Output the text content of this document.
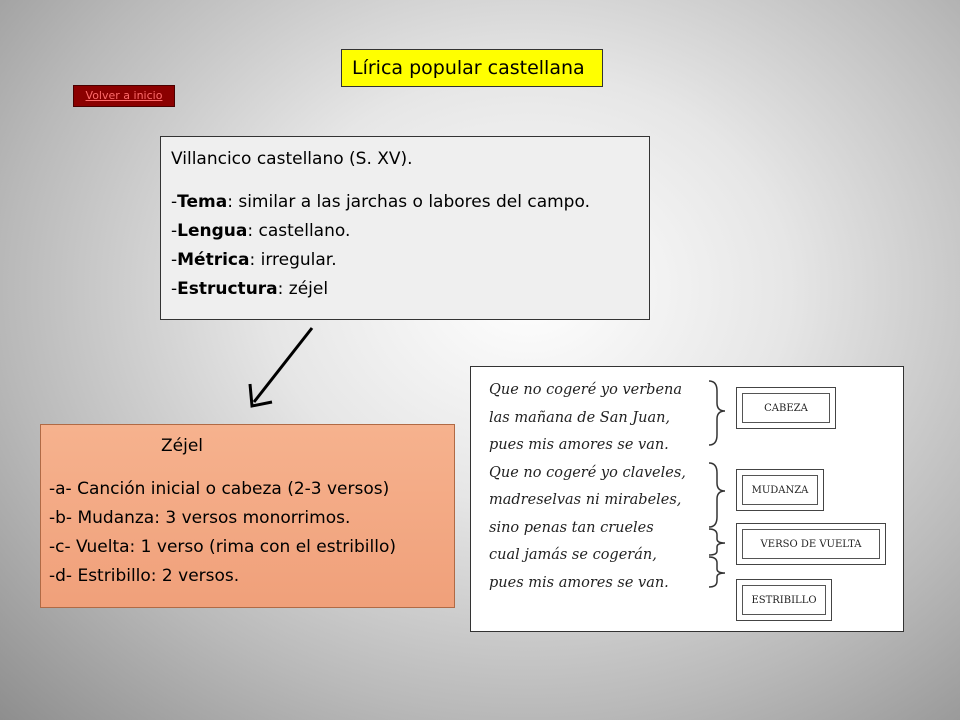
Lírica popular castellana
Volver a inicio
Villancico castellano (S. XV).
-Tema: similar a las jarchas o labores del campo.
-Lengua: castellano.
-Métrica: irregular.
-Estructura: zéjel
Zéjel
-a- Canción inicial o cabeza (2-3 versos)
-b- Mudanza: 3 versos monorrimos.
-c- Vuelta: 1 verso (rima con el estribillo)
-d- Estribillo: 2 versos.
Que no cogeré yo verbena
las mañana de San Juan,
pues mis amores se van.
Que no cogeré yo claveles,
madreselvas ni mirabeles,
sino penas tan crueles
cual jamás se cogerán,
pues mis amores se van.
CABEZA
MUDANZA
VERSO DE VUELTA
ESTRIBILLO
